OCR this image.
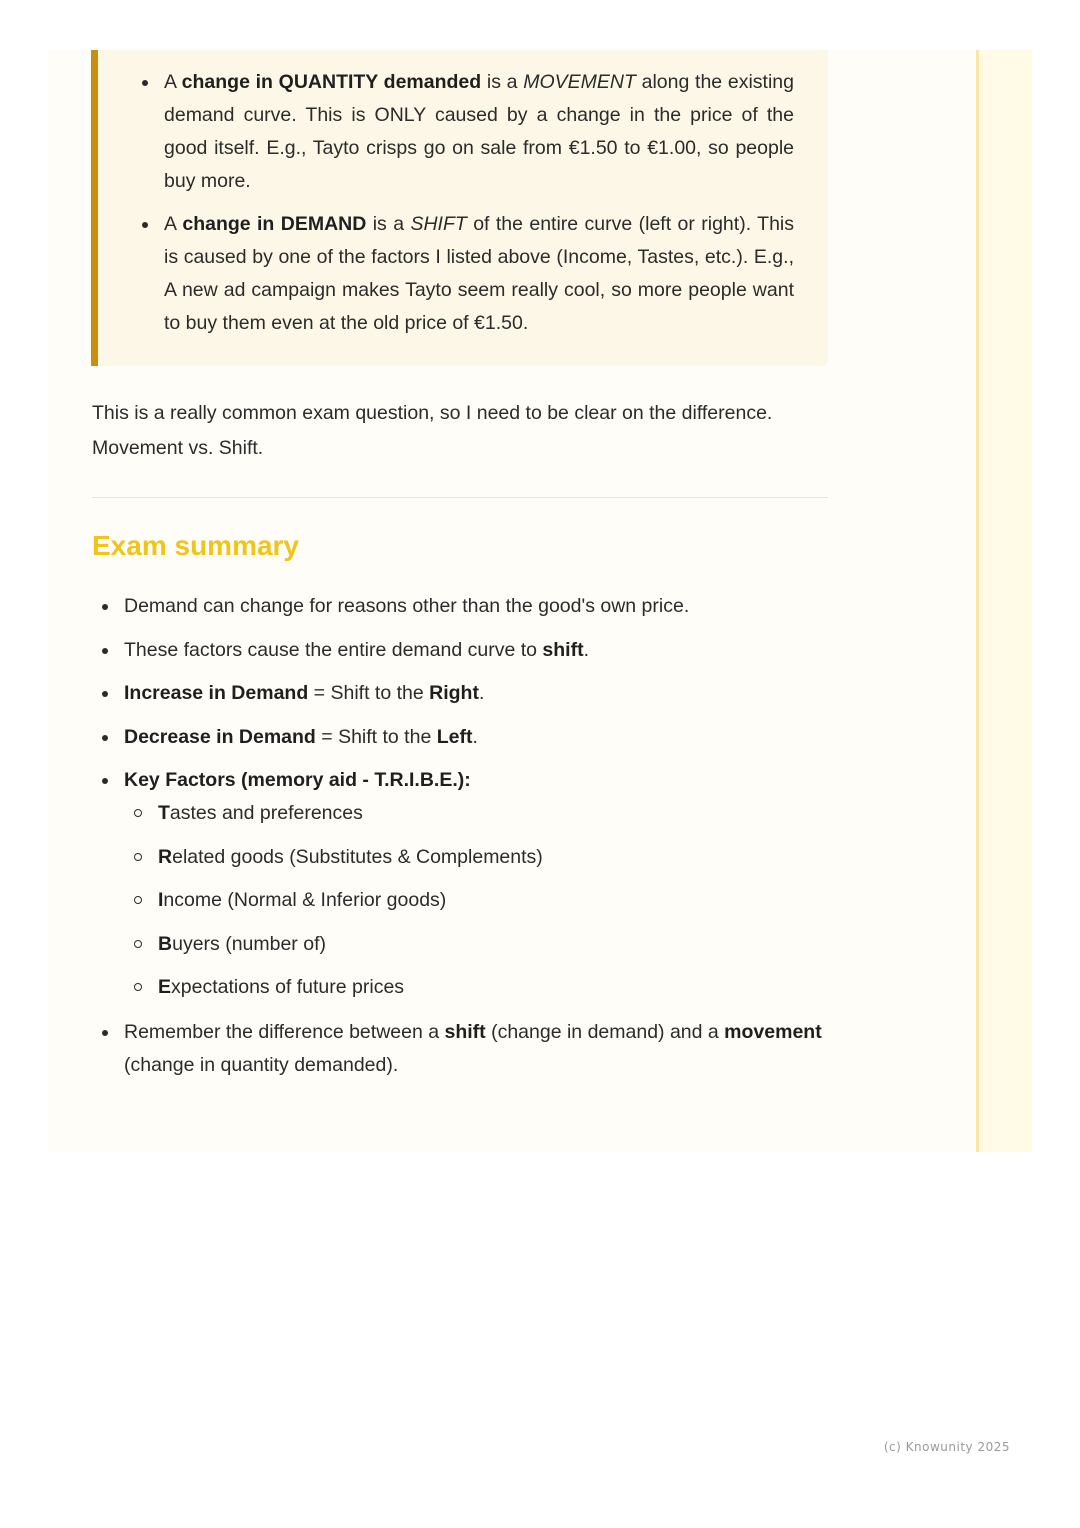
A change in QUANTITY demanded is a MOVEMENT along the existing demand curve. This is ONLY caused by a change in the price of the good itself. E.g., Tayto crisps go on sale from €1.50 to €1.00, so people buy more.
A change in DEMAND is a SHIFT of the entire curve (left or right). This is caused by one of the factors I listed above (Income, Tastes, etc.). E.g., A new ad campaign makes Tayto seem really cool, so more people want to buy them even at the old price of €1.50.

This is a really common exam question, so I need to be clear on the difference.
Movement vs. Shift.

Exam summary
Demand can change for reasons other than the good's own price.
These factors cause the entire demand curve to shift.
Increase in Demand = Shift to the Right.
Decrease in Demand = Shift to the Left.
Key Factors (memory aid - T.R.I.B.E.):
Tastes and preferences
Related goods (Substitutes & Complements)
Income (Normal & Inferior goods)
Buyers (number of)
Expectations of future prices
Remember the difference between a shift (change in demand) and a movement (change in quantity demanded).
(c) Knowunity 2025
